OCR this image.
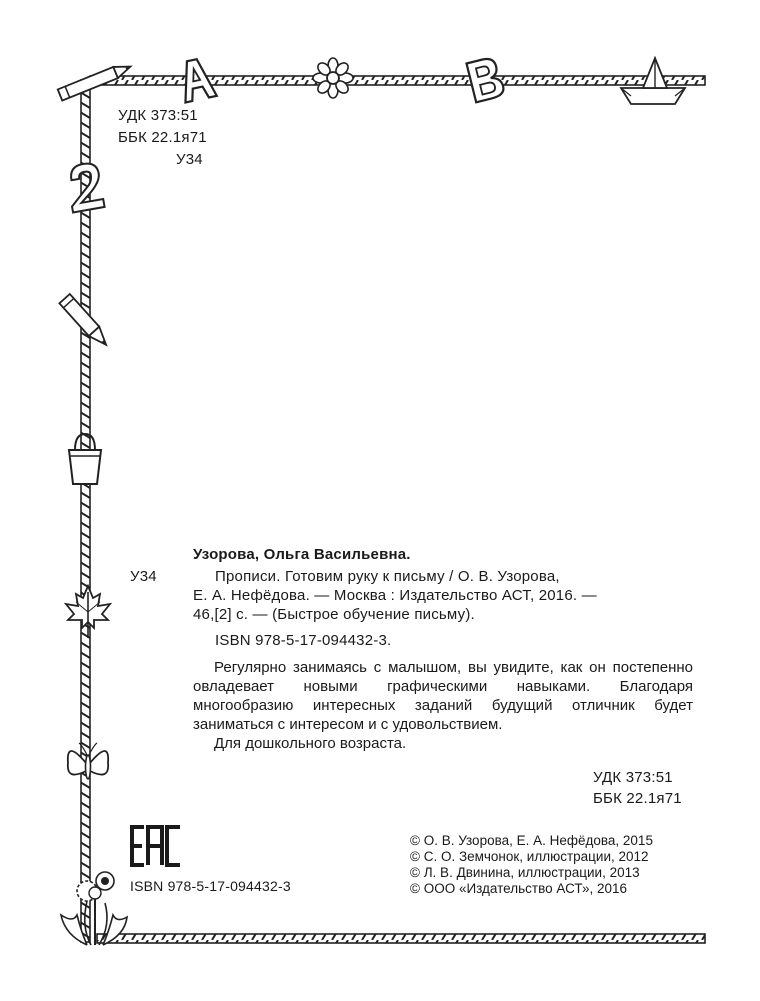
УДК 373:51
ББК 22.1я71
У34
Узорова, Ольга Васильевна.
У34	Прописи. Готовим руку к письму / О. В. Узорова,
Е. А. Нефёдова. — Москва : Издательство АСТ, 2016. —
46,[2] с. — (Быстрое обучение письму).
ISBN 978-5-17-094432-3.

Регулярно занимаясь с малышом, вы увидите, как он постепенно овладевает новыми графическими навыками. Благодаря многообразию интересных заданий будущий отличник будет заниматься с интересом и с удовольствием.

Для дошкольного возраста.

УДК 373:51
ББК 22.1я71
ISBN 978-5-17-094432-3
© О. В. Узорова, Е. А. Нефёдова, 2015
© С. О. Земчонок, иллюстрации, 2012
© Л. В. Двинина, иллюстрации, 2013
© ООО «Издательство АСТ», 2016
